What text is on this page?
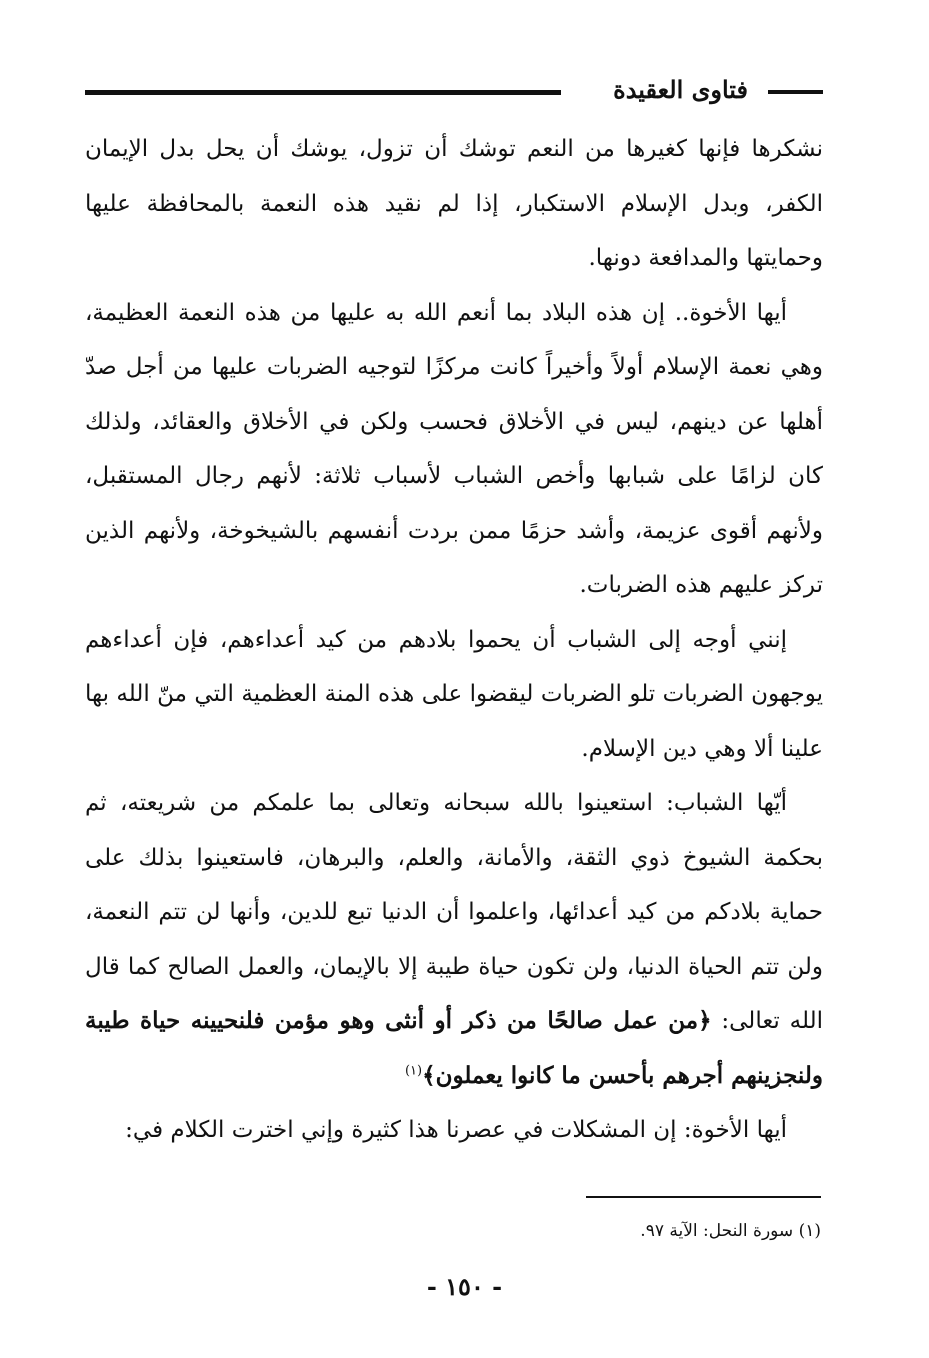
فتاوى العقيدة

نشكرها فإنها كغيرها من النعم توشك أن تزول، يوشك أن يحل بدل الإيمان الكفر، وبدل الإسلام الاستكبار، إذا لم نقيد هذه النعمة بالمحافظة عليها وحمايتها والمدافعة دونها.

أيها الأخوة.. إن هذه البلاد بما أنعم الله به عليها من هذه النعمة العظيمة، وهي نعمة الإسلام أولاً وأخيراً كانت مركزًا لتوجيه الضربات عليها من أجل صدّ أهلها عن دينهم، ليس في الأخلاق فحسب ولكن في الأخلاق والعقائد، ولذلك كان لزامًا على شبابها وأخص الشباب لأسباب ثلاثة: لأنهم رجال المستقبل، ولأنهم أقوى عزيمة، وأشد حزمًا ممن بردت أنفسهم بالشيخوخة، ولأنهم الذين تركز عليهم هذه الضربات.

إنني أوجه إلى الشباب أن يحموا بلادهم من كيد أعداءهم، فإن أعداءهم يوجهون الضربات تلو الضربات ليقضوا على هذه المنة العظمية التي منّ الله بها علينا ألا وهي دين الإسلام.

أيّها الشباب: استعينوا بالله سبحانه وتعالى بما علمكم من شريعته، ثم بحكمة الشيوخ ذوي الثقة، والأمانة، والعلم، والبرهان، فاستعينوا بذلك على حماية بلادكم من كيد أعدائها، واعلموا أن الدنيا تبع للدين، وأنها لن تتم النعمة، ولن تتم الحياة الدنيا، ولن تكون حياة طيبة إلا بالإيمان، والعمل الصالح كما قال الله تعالى: ﴿من عمل صالحًا من ذكر أو أنثى وهو مؤمن فلنحيينه حياة طيبة ولنجزينهم أجرهم بأحسن ما كانوا يعملون﴾$^{(١)}$

أيها الأخوة: إن المشكلات في عصرنا هذا كثيرة وإني اخترت الكلام في:

(١) سورة النحل: الآية ٩٧.
- ١٥٠ -
